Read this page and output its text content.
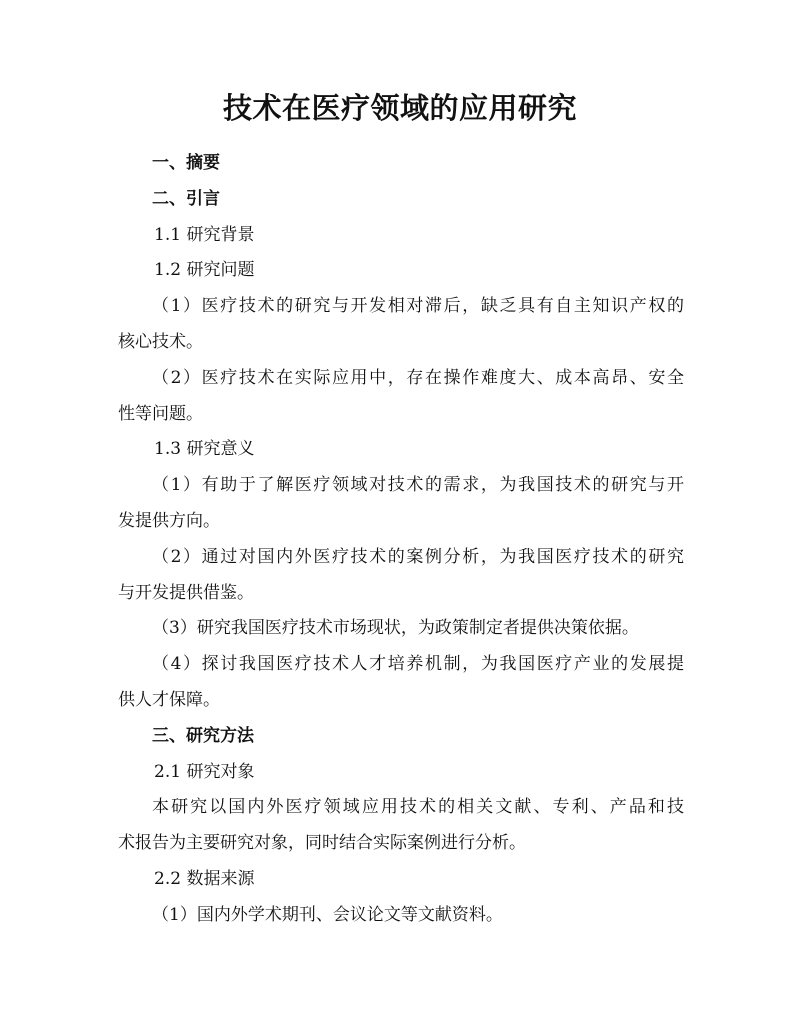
技术在医疗领域的应用研究
一、摘要
二、引言
1.1 研究背景
1.2 研究问题
（1）医疗技术的研究与开发相对滞后，缺乏具有自主知识产权的
核心技术。
（2）医疗技术在实际应用中，存在操作难度大、成本高昂、安全
性等问题。
1.3 研究意义
（1）有助于了解医疗领域对技术的需求，为我国技术的研究与开
发提供方向。
（2）通过对国内外医疗技术的案例分析，为我国医疗技术的研究
与开发提供借鉴。
（3）研究我国医疗技术市场现状，为政策制定者提供决策依据。
（4）探讨我国医疗技术人才培养机制，为我国医疗产业的发展提
供人才保障。
三、研究方法
2.1 研究对象
本研究以国内外医疗领域应用技术的相关文献、专利、产品和技
术报告为主要研究对象，同时结合实际案例进行分析。
2.2 数据来源
（1）国内外学术期刊、会议论文等文献资料。
